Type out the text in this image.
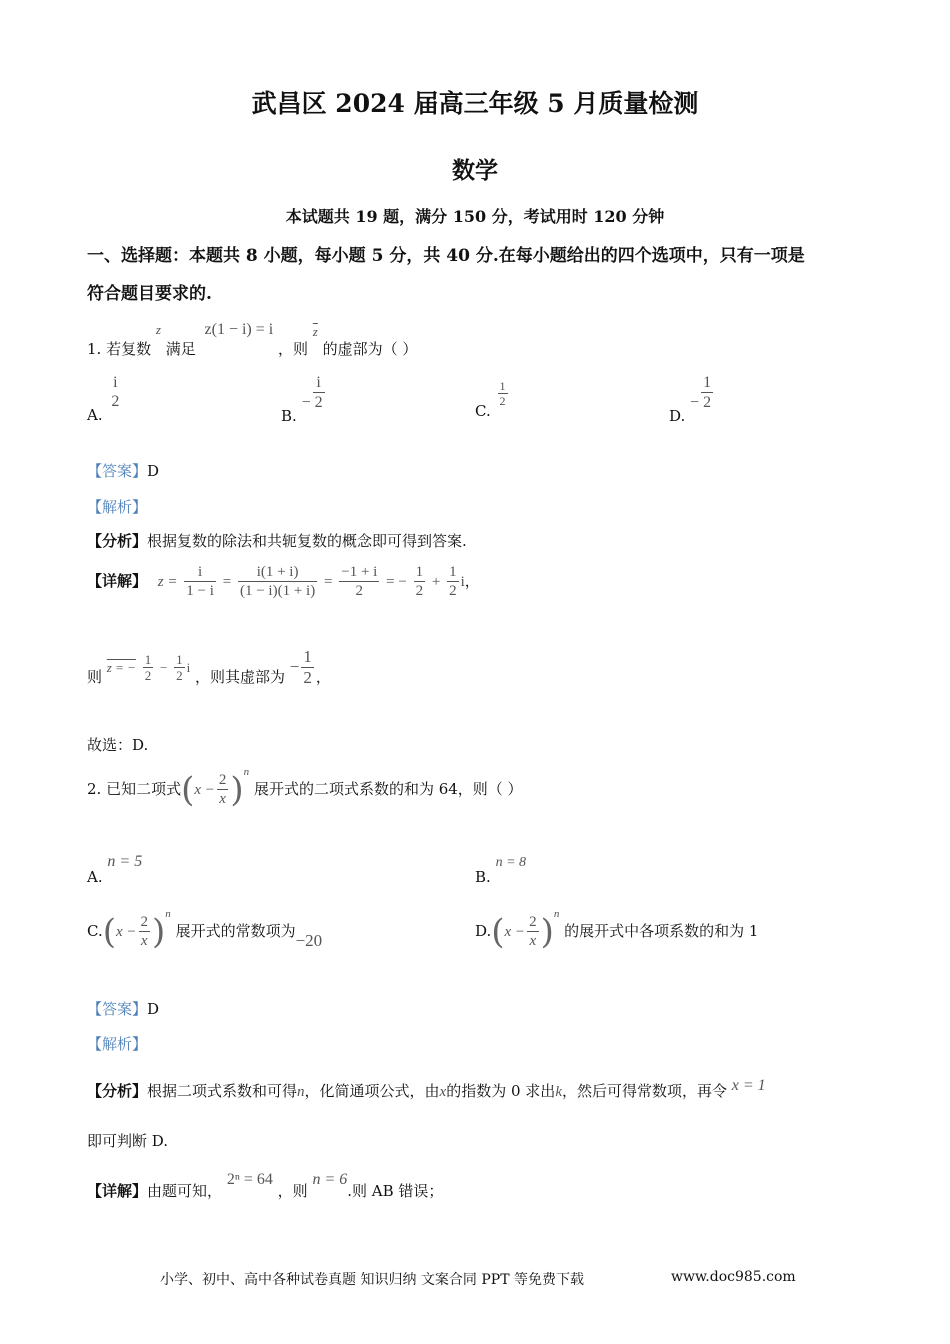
武昌区 2024 届高三年级 5 月质量检测
数学
本试题共 19 题，满分 150 分，考试用时 120 分钟
一、选择题：本题共 8 小题，每小题 5 分，共 40 分.在每小题给出的四个选项中，只有一项是
符合题目要求的.
1. 若复数 z 满足 z(1 − i) = i ，则 $\overline{z}$ 的虚部为（ ）
A.
i
2
B. − $\frac{i}{2}$	C.
$\frac{1}{2}$
D. − $\frac{1}{2}$
【答案】D
【解析】
【分析】根据复数的除法和共轭复数的概念即可得到答案.
【详解】 $z = \frac{i}{1 - i} = \frac{i(1 + i)}{(1 - i)(1 + i)} = \frac{-1 + i}{2}$ = − $\frac{1}{2} + \frac{1}{2}$ i，
则 z = − $\frac{1}{2} - \frac{1}{2}$ i ，则其虚部为 − $\frac{1}{2}$ ，
故选：D.
2. 已知二项式$(x - \frac{2}{x} )^n$ 展开式的二项式系数的和为 64，则（ ）
A. n = 5
B. n = 8
$C.(x - \frac{2}{x} )^n$ 展开式的常数项为−20	$D.(x - \frac{2}{x} )^n$ 的展开式中各项系数的和为 1
【答案】D
【解析】
【分析】根据二项式系数和可得n，化简通项公式，由x的指数为 0 求出k，然后可得常数项，再令 x = 1
即可判断 D.
【详解】由题可知， 2ⁿ = 64 ，则 n = 6.则 AB 错误；
小学、初中、高中各种试卷真题 知识归纳 文案合同 PPT 等免费下载	www.doc985.com
